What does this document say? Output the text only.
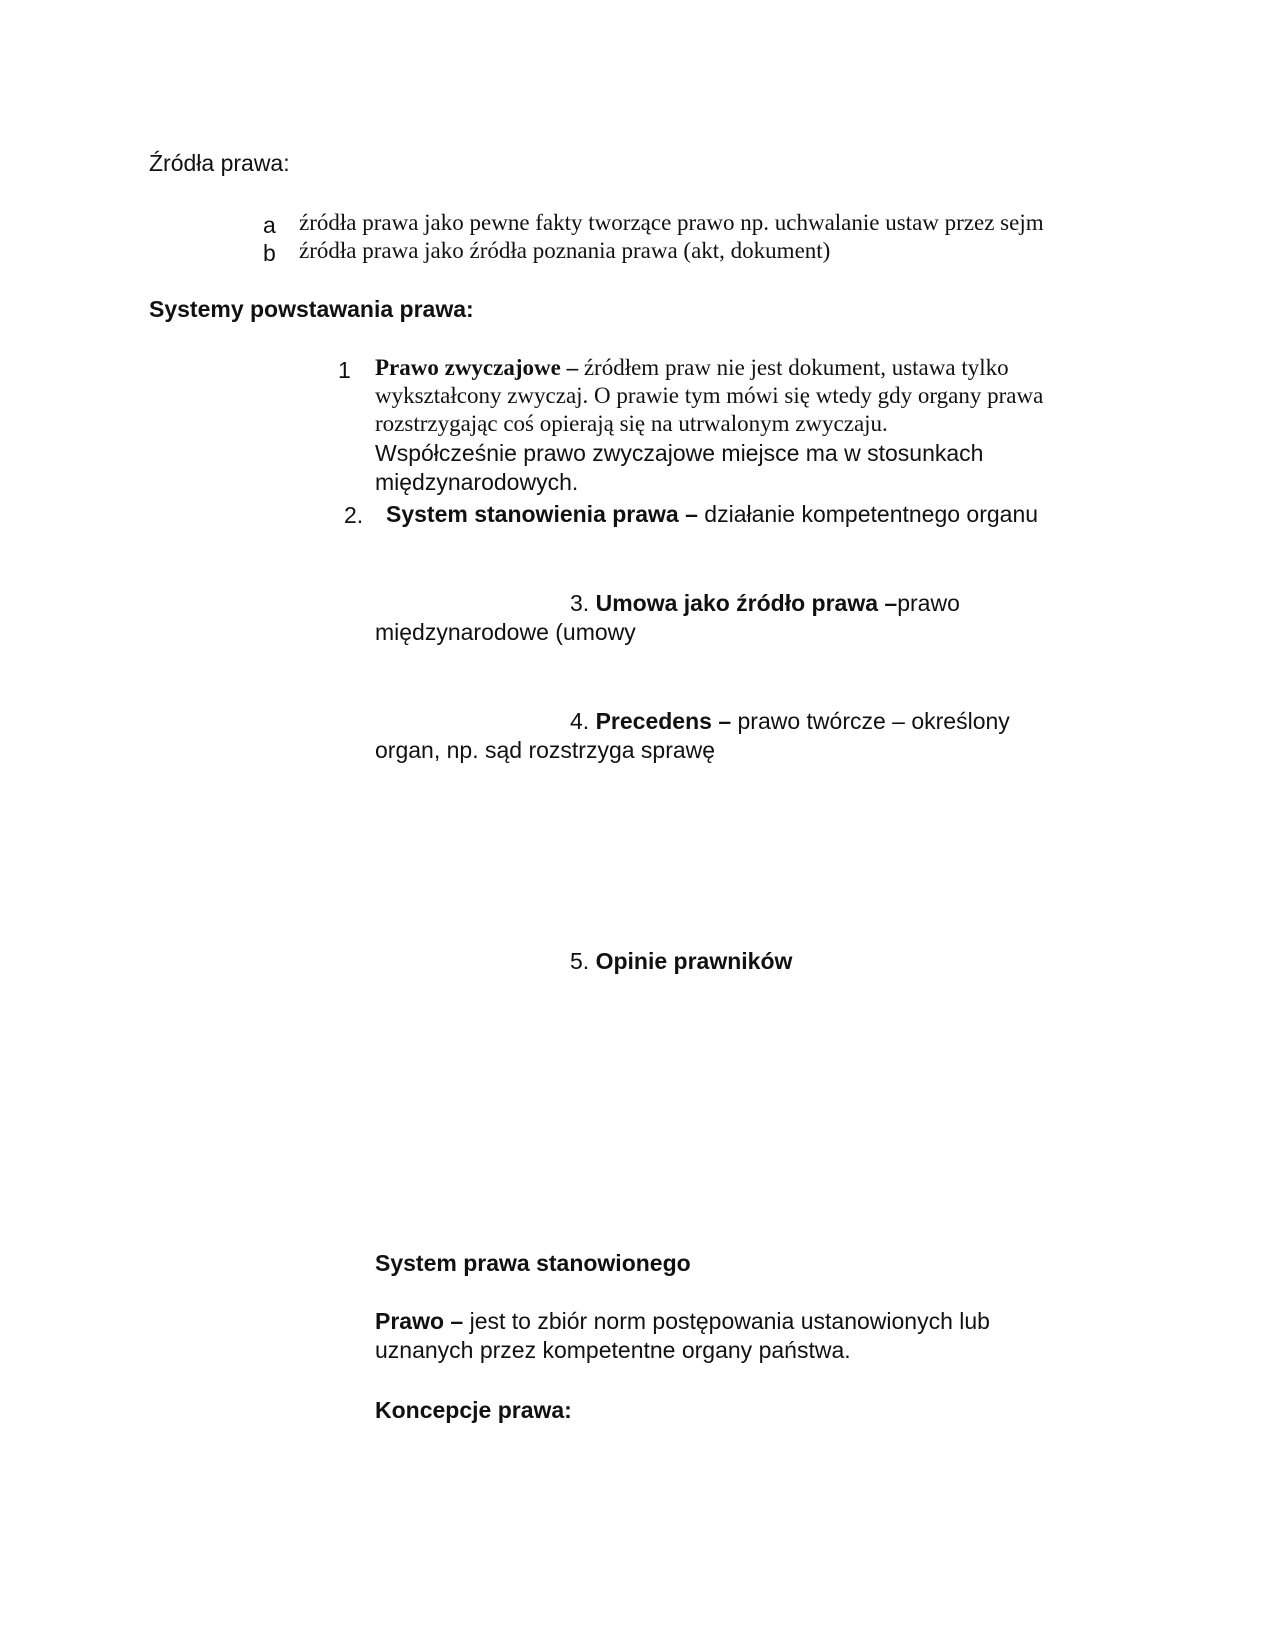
Źródła prawa:
a źródła prawa jako pewne fakty tworzące prawo np. uchwalanie ustaw przez sejm
b źródła prawa jako źródła poznania prawa (akt, dokument)
Systemy powstawania prawa:
1 Prawo zwyczajowe – źródłem praw nie jest dokument, ustawa tylko
wykształcony zwyczaj. O prawie tym mówi się wtedy gdy organy prawa
rozstrzygając coś opierają się na utrwalonym zwyczaju.
Współcześnie prawo zwyczajowe miejsce ma w stosunkach
międzynarodowych.
2. System stanowienia prawa – działanie kompetentnego organu
3. Umowa jako źródło prawa –prawo
międzynarodowe (umowy
4. Precedens – prawo twórcze – określony
organ, np. sąd rozstrzyga sprawę
5. Opinie prawników
System prawa stanowionego
Prawo – jest to zbiór norm postępowania ustanowionych lub
uznanych przez kompetentne organy państwa.
Koncepcje prawa:
